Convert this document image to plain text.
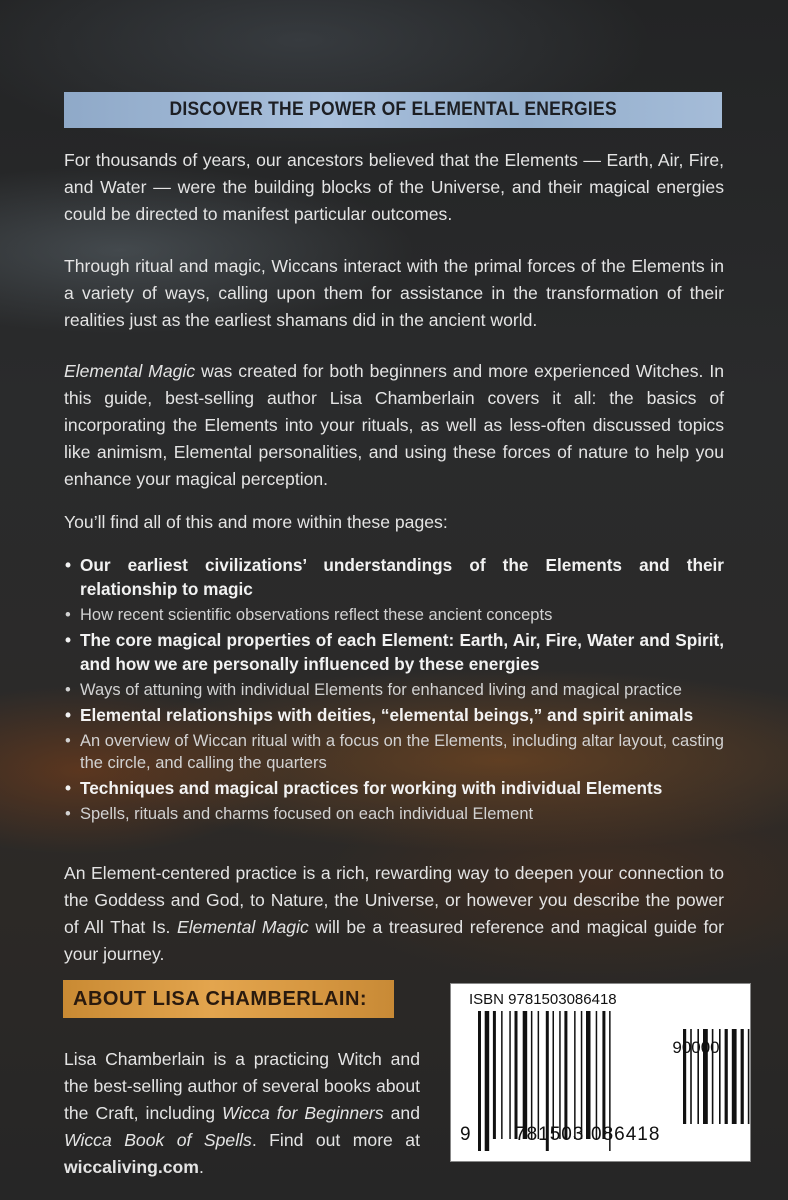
DISCOVER THE POWER OF ELEMENTAL ENERGIES

For thousands of years, our ancestors believed that the Elements — Earth, Air, Fire, and Water — were the building blocks of the Universe, and their magical energies could be directed to manifest particular outcomes.

Through ritual and magic, Wiccans interact with the primal forces of the Elements in a variety of ways, calling upon them for assistance in the transformation of their realities just as the earliest shamans did in the ancient world.

Elemental Magic was created for both beginners and more experienced Witches. In this guide, best-selling author Lisa Chamberlain covers it all: the basics of incorporating the Elements into your rituals, as well as less-often discussed topics like animism, Elemental personalities, and using these forces of nature to help you enhance your magical perception.

You’ll find all of this and more within these pages:

• Our earliest civilizations’ understandings of the Elements and their relationship to magic
• How recent scientific observations reflect these ancient concepts
• The core magical properties of each Element: Earth, Air, Fire, Water and Spirit, and how we are personally influenced by these energies
• Ways of attuning with individual Elements for enhanced living and magical practice
• Elemental relationships with deities, “elemental beings,” and spirit animals
• An overview of Wiccan ritual with a focus on the Elements, including altar layout, casting the circle, and calling the quarters
• Techniques and magical practices for working with individual Elements
• Spells, rituals and charms focused on each individual Element

An Element-centered practice is a rich, rewarding way to deepen your connection to the Goddess and God, to Nature, the Universe, or however you describe the power of All That Is. Elemental Magic will be a treasured reference and magical guide for your journey.

ABOUT LISA CHAMBERLAIN:
Lisa Chamberlain is a practicing Witch and the best-selling author of several books about the Craft, including Wicca for Beginners and Wicca Book of Spells. Find out more at wiccaliving.com.
ISBN 9781503086418
9 781503 086418
90000
